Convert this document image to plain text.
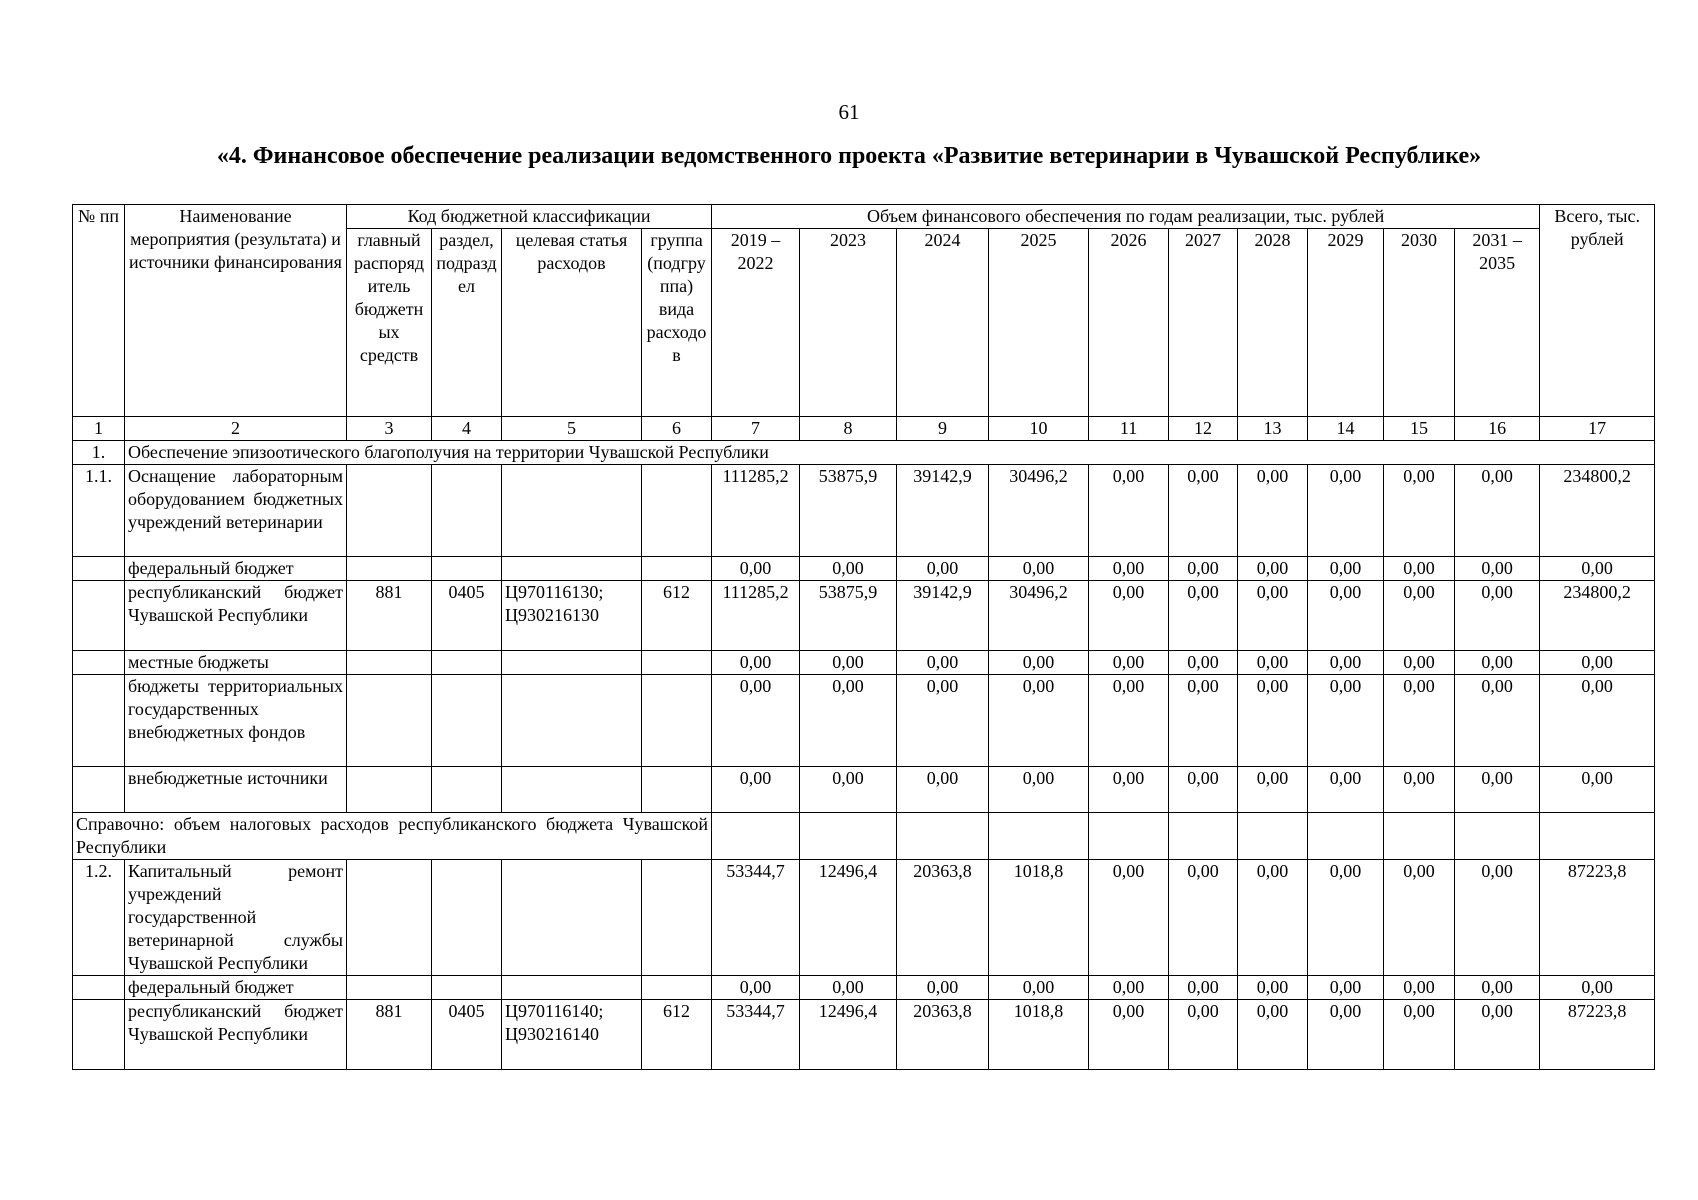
61
«4. Финансовое обеспечение реализации ведомственного проекта «Развитие ветеринарии в Чувашской Республике»
№ пп	Наименование мероприятия (результата) и источники финансирования	Код бюджетной классификации				Объем финансового обеспечения по годам реализации, тыс. рублей										Всего, тыс. рублей
		главный распорядитель бюджетных средств	раздел, подраздел	целевая статья расходов	группа (подгруппа) вида расходов	2019 – 2022	2023	2024	2025	2026	2027	2028	2029	2030	2031 – 2035	
1	2	3	4	5	6	7	8	9	10	11	12	13	14	15	16	17
1.	Обеспечение эпизоотического благополучия на территории Чувашской Республики															
1.1.	Оснащение лабораторным оборудованием бюджетных учреждений ветеринарии					111285,2	53875,9	39142,9	30496,2	0,00	0,00	0,00	0,00	0,00	0,00	234800,2
	федеральный бюджет					0,00	0,00	0,00	0,00	0,00	0,00	0,00	0,00	0,00	0,00	0,00
	республиканский бюджет Чувашской Республики	881	0405	Ц970116130; Ц930216130	612	111285,2	53875,9	39142,9	30496,2	0,00	0,00	0,00	0,00	0,00	0,00	234800,2
	местные бюджеты					0,00	0,00	0,00	0,00	0,00	0,00	0,00	0,00	0,00	0,00	0,00
	бюджеты территориальных государственных внебюджетных фондов					0,00	0,00	0,00	0,00	0,00	0,00	0,00	0,00	0,00	0,00	0,00
	внебюджетные источники					0,00	0,00	0,00	0,00	0,00	0,00	0,00	0,00	0,00	0,00	0,00
Справочно: объем налоговых расходов республиканского бюджета Чувашской Республики																
1.2.	Капитальный ремонт учреждений государственной ветеринарной службы Чувашской Республики					53344,7	12496,4	20363,8	1018,8	0,00	0,00	0,00	0,00	0,00	0,00	87223,8
	федеральный бюджет					0,00	0,00	0,00	0,00	0,00	0,00	0,00	0,00	0,00	0,00	0,00
	республиканский бюджет Чувашской Республики	881	0405	Ц970116140; Ц930216140	612	53344,7	12496,4	20363,8	1018,8	0,00	0,00	0,00	0,00	0,00	0,00	87223,8
